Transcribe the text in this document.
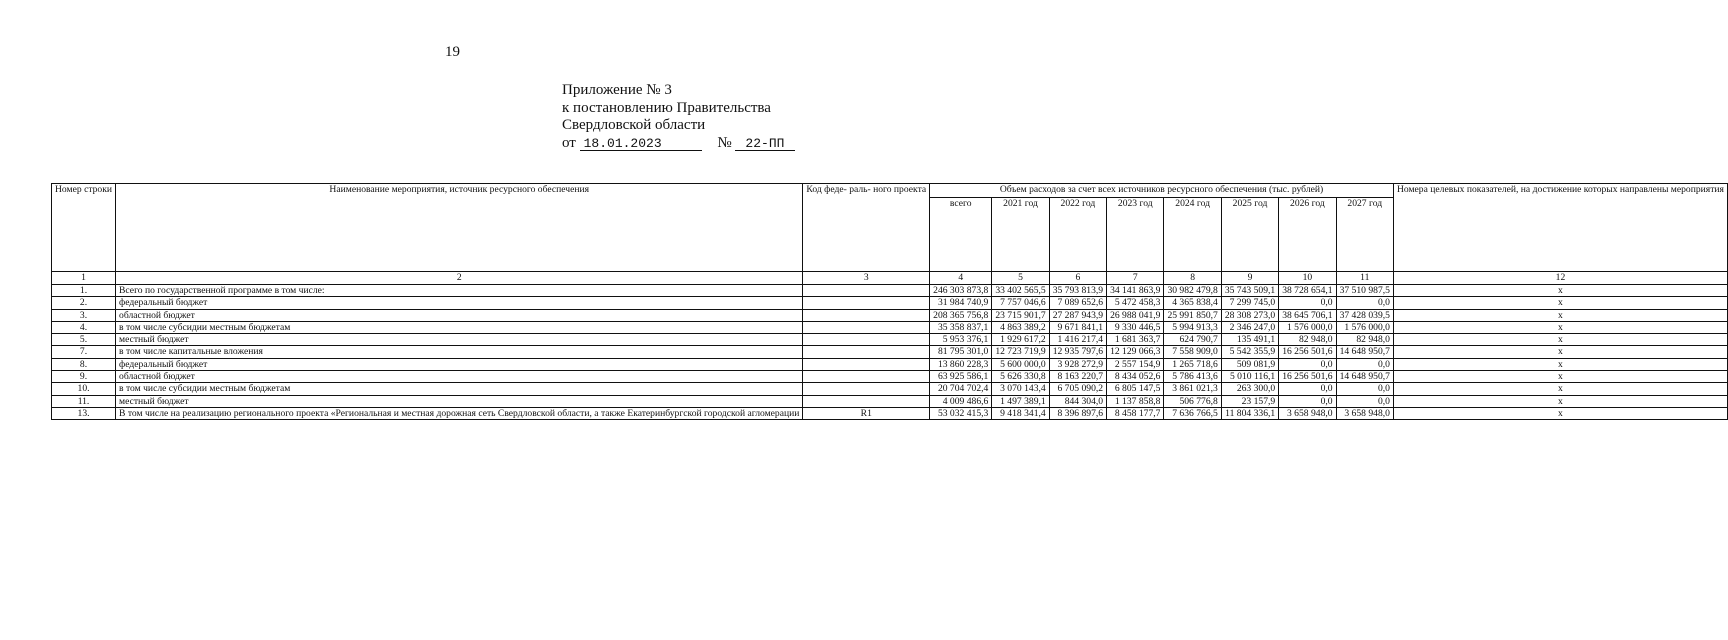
19
Приложение № 3
к постановлению Правительства
Свердловской области
от 18.01.2023	№ 22-ПП
Номер строки	Наименование мероприятия, источник ресурсного обеспечения	Код феде- раль- ного проекта	Объем расходов за счет всех источников ресурсного обеспечения (тыс. рублей)								Номера целевых показателей, на достижение которых направлены мероприятия
			всего	2021 год	2022 год	2023 год	2024 год	2025 год	2026 год	2027 год	
1	2	3	4	5	6	7	8	9	10	11	12
1.	Всего по государственной программе в том числе:		246 303 873,8	33 402 565,5	35 793 813,9	34 141 863,9	30 982 479,8	35 743 509,1	38 728 654,1	37 510 987,5	х
2.	федеральный бюджет		31 984 740,9	7 757 046,6	7 089 652,6	5 472 458,3	4 365 838,4	7 299 745,0	0,0	0,0	х
3.	областной бюджет		208 365 756,8	23 715 901,7	27 287 943,9	26 988 041,9	25 991 850,7	28 308 273,0	38 645 706,1	37 428 039,5	х
4.	в том числе субсидии местным бюджетам		35 358 837,1	4 863 389,2	9 671 841,1	9 330 446,5	5 994 913,3	2 346 247,0	1 576 000,0	1 576 000,0	х
5.	местный бюджет		5 953 376,1	1 929 617,2	1 416 217,4	1 681 363,7	624 790,7	135 491,1	82 948,0	82 948,0	х
7.	в том числе капитальные вложения		81 795 301,0	12 723 719,9	12 935 797,6	12 129 066,3	7 558 909,0	5 542 355,9	16 256 501,6	14 648 950,7	х
8.	федеральный бюджет		13 860 228,3	5 600 000,0	3 928 272,9	2 557 154,9	1 265 718,6	509 081,9	0,0	0,0	х
9.	областной бюджет		63 925 586,1	5 626 330,8	8 163 220,7	8 434 052,6	5 786 413,6	5 010 116,1	16 256 501,6	14 648 950,7	х
10.	в том числе субсидии местным бюджетам		20 704 702,4	3 070 143,4	6 705 090,2	6 805 147,5	3 861 021,3	263 300,0	0,0	0,0	х
11.	местный бюджет		4 009 486,6	1 497 389,1	844 304,0	1 137 858,8	506 776,8	23 157,9	0,0	0,0	х
13.	В том числе на реализацию регионального проекта «Региональная и местная дорожная сеть Свердловской области, а также Екатеринбургской городской агломерации	R1	53 032 415,3	9 418 341,4	8 396 897,6	8 458 177,7	7 636 766,5	11 804 336,1	3 658 948,0	3 658 948,0	х
